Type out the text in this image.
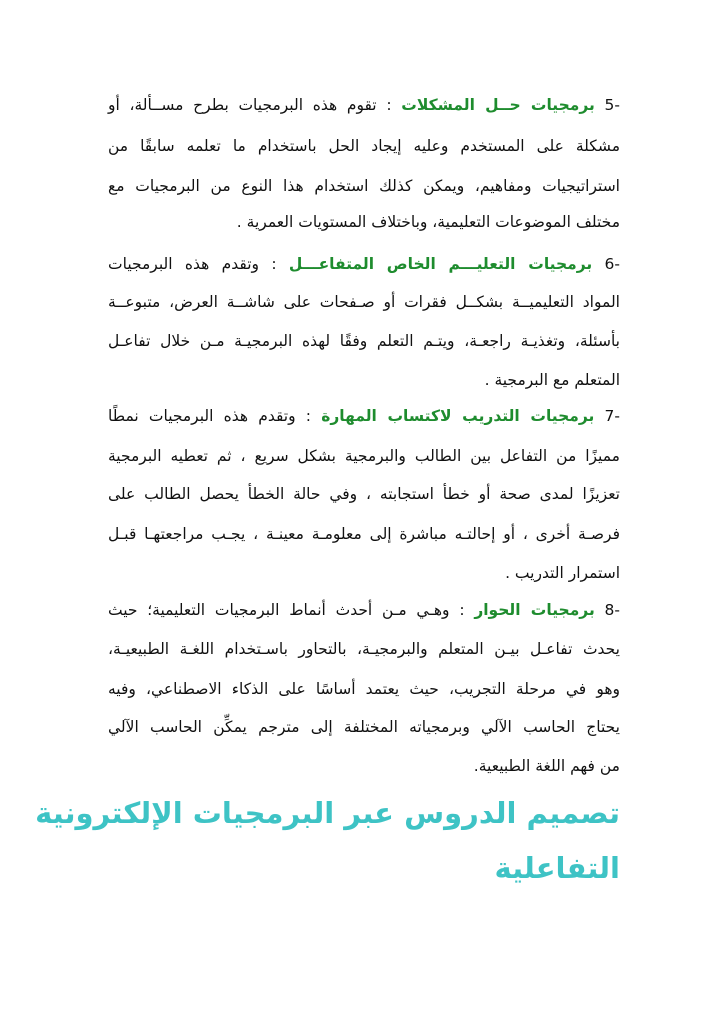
-5 برمجيات حــل المشكلات : تقوم هذه البرمجيات بطرح مســألة، أو
مشكلة على المستخدم وعليه إيجاد الحل باستخدام ما تعلمه سابقًا من
استراتيجيات ومفاهيم، ويمكن كذلك استخدام هذا النوع من البرمجيات مع
مختلف الموضوعات التعليمية، وباختلاف المستويات العمرية .
-6 برمجيات التعليـــم الخاص المتفاعـــل : وتقدم هذه البرمجيات
المواد التعليميــة بشكــل فقرات أو صـفحات على شاشــة العرض، متبوعــة
بأسئلة، وتغذيـة راجعـة، ويتـم التعلم وفقًا لهذه البرمجيـة مـن خلال تفاعـل
المتعلم مع البرمجية .
-7 برمجيات التدريب لاكتساب المهارة : وتقدم هذه البرمجيات نمطًا
مميزًا من التفاعل بين الطالب والبرمجية بشكل سريع ، ثم تعطيه البرمجية
تعزيزًا لمدى صحة أو خطأ استجابته ، وفي حالة الخطأ يحصل الطالب على
فرصـة أخرى ، أو إحالتـه مباشرة إلى معلومـة معينـة ، يجـب مراجعتهـا قبـل
استمرار التدريب .
-8 برمجيات الحوار : وهـي مـن أحدث أنماط البرمجيات التعليمية؛ حيث
يحدث تفاعـل بيـن المتعلم والبرمجيـة، بالتحاور باسـتخدام اللغـة الطبيعيـة،
وهو في مرحلة التجريب، حيث يعتمد أساسًا على الذكاء الاصطناعي، وفيه
يحتاج الحاسب الآلي وبرمجياته المختلفة إلى مترجم يمكِّن الحاسب الآلي
من فهم اللغة الطبيعية.
تصميم الدروس عبر البرمجيات الإلكترونية
التفاعلية
